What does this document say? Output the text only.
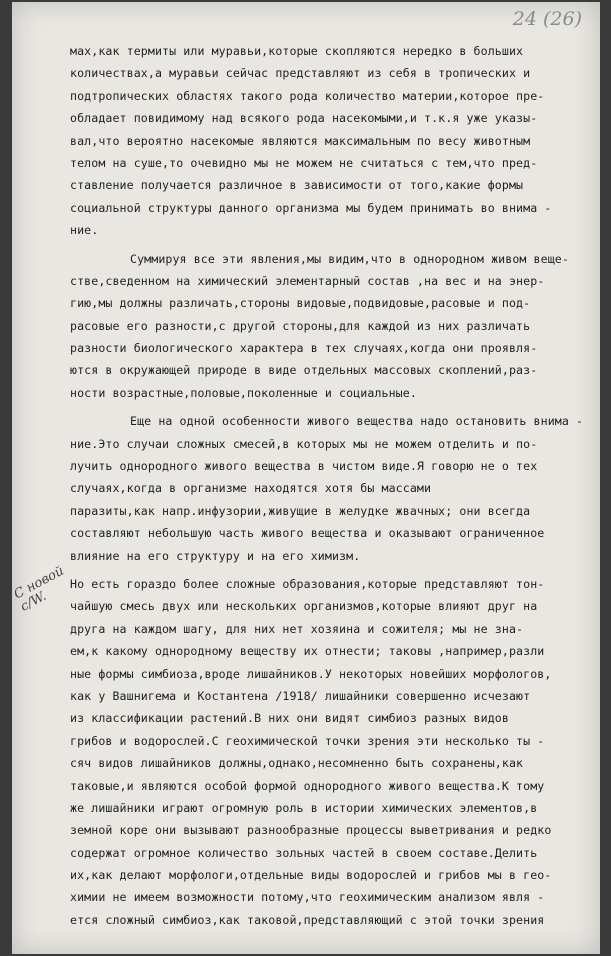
24 (26)
С новой с/W.
мах,как термиты или муравьи,которые скопляются нередко в больших
количествах,а муравьи сейчас представляют из себя в тропических и
подтропических областях такого рода количество материи,которое пре-
обладает повидимому над всякого рода насекомыми,и т.к.я уже указы-
вал,что вероятно насекомые являются максимальным по весу животным
телом на суше,то очевидно мы не можем не считаться с тем,что пред-
ставление получается различное в зависимости от того,какие формы
социальной структуры данного организма мы будем принимать во внима -
ние.
Суммируя все эти явления,мы видим,что в однородном живом веще-
стве,сведенном на химический элементарный состав ,на вес и на энер-
гию,мы должны различать,стороны видовые,подвидовые,расовые и под-
расовые его разности,с другой стороны,для каждой из них различать
разности биологического характера в тех случаях,когда они проявля-
ются в окружающей природе в виде отдельных массовых скоплений,раз-
ности возрастные,половые,поколенные и социальные.
Еще на одной особенности живого вещества надо остановить внима -
ние.Это случаи сложных смесей,в которых мы не можем отделить и по-
лучить однородного живого вещества в чистом виде.Я говорю не о тех
случаях,когда в организме находятся хотя бы массами
паразиты,как напр.инфузории,живущие в желудке жвачных; они всегда
составляют небольшую часть живого вещества и оказывают ограниченное
влияние на его структуру и на его химизм.
Но есть гораздо более сложные образования,которые представляют тон-
чайшую смесь двух или нескольких организмов,которые влияют друг на
друга на каждом шагу, для них нет хозяина и сожителя; мы не зна-
ем,к какому однородному веществу их отнести; таковы ,например,разли
ные формы симбиоза,вроде лишайников.У некоторых новейших морфологов,
как у Вашнигема и Костантена /1918/ лишайники совершенно исчезают
из классификации растений.В них они видят симбиоз разных видов
грибов и водорослей.С геохимической точки зрения эти несколько ты -
сяч видов лишайников должны,однако,несомненно быть сохранены,как
таковые,и являются особой формой однородного живого вещества.К тому
же лишайники играют огромную роль в истории химических элементов,в
земной коре они вызывают разнообразные процессы выветривания и редко
содержат огромное количество зольных частей в своем составе.Делить
их,как делают морфологи,отдельные виды водорослей и грибов мы в гео-
химии не имеем возможности потому,что геохимическим анализом явля -
ется сложный симбиоз,как таковой,представляющий с этой точки зрения
